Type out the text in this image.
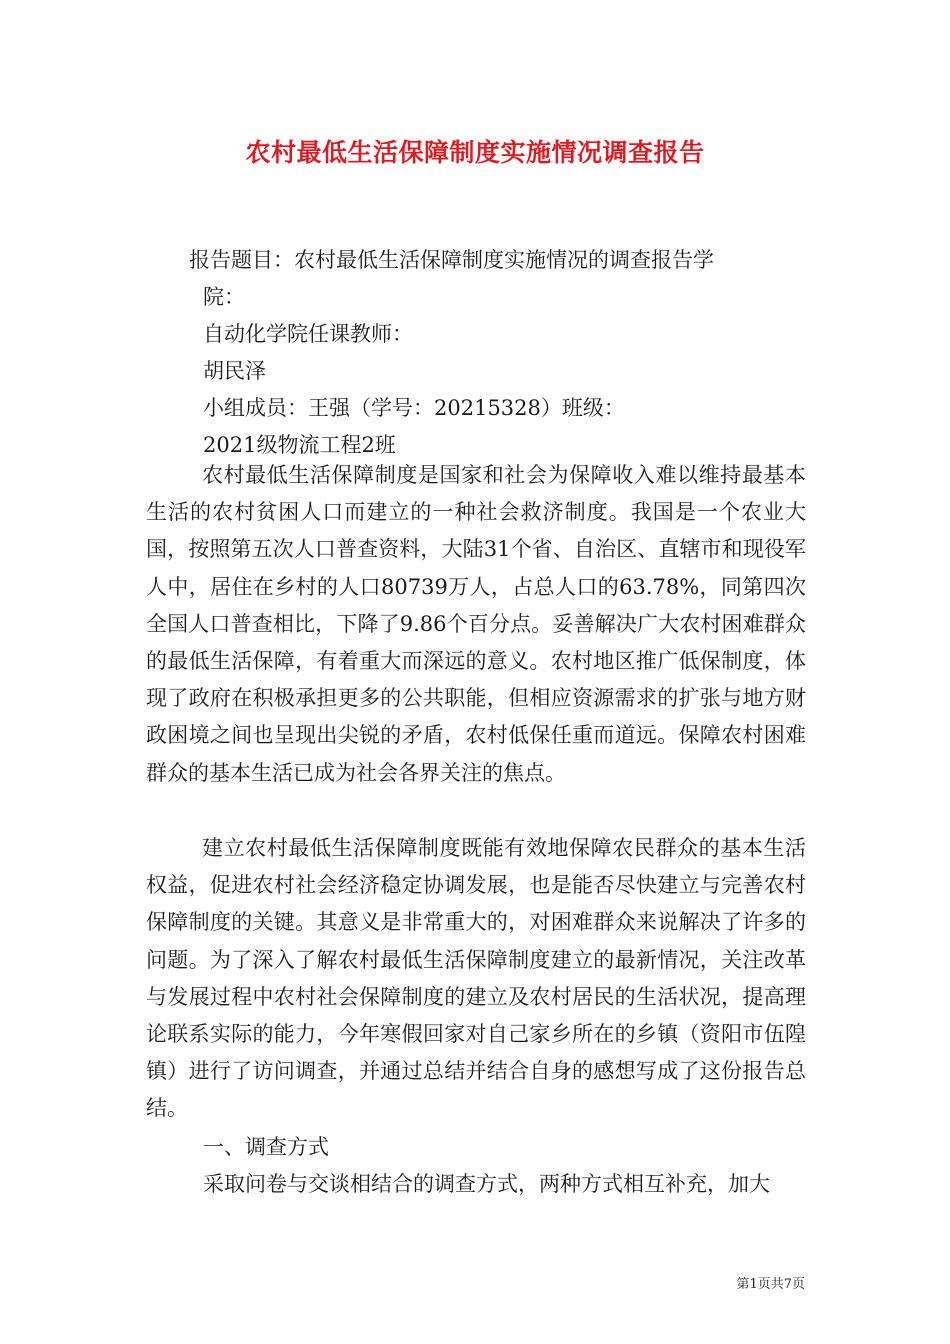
农村最低生活保障制度实施情况调查报告
报告题目：农村最低生活保障制度实施情况的调查报告学
院：
自动化学院任课教师：
胡民泽
小组成员：王强（学号：20215328）班级：
2021级物流工程2班

农村最低生活保障制度是国家和社会为保障收入难以维持最基本生活的农村贫困人口而建立的一种社会救济制度。我国是一个农业大国，按照第五次人口普查资料，大陆31个省、自治区、直辖市和现役军人中，居住在乡村的人口80739万人，占总人口的63.78%，同第四次全国人口普查相比，下降了9.86个百分点。妥善解决广大农村困难群众的最低生活保障，有着重大而深远的意义。农村地区推广低保制度，体现了政府在积极承担更多的公共职能，但相应资源需求的扩张与地方财政困境之间也呈现出尖锐的矛盾，农村低保任重而道远。保障农村困难群众的基本生活已成为社会各界关注的焦点。

建立农村最低生活保障制度既能有效地保障农民群众的基本生活权益，促进农村社会经济稳定协调发展，也是能否尽快建立与完善农村保障制度的关键。其意义是非常重大的，对困难群众来说解决了许多的问题。为了深入了解农村最低生活保障制度建立的最新情况，关注改革与发展过程中农村社会保障制度的建立及农村居民的生活状况，提高理论联系实际的能力，今年寒假回家对自己家乡所在的乡镇（资阳市伍隍镇）进行了访问调查，并通过总结并结合自身的感想写成了这份报告总结。

一、调查方式
采取问卷与交谈相结合的调查方式，两种方式相互补充，加大
第1页共7页
